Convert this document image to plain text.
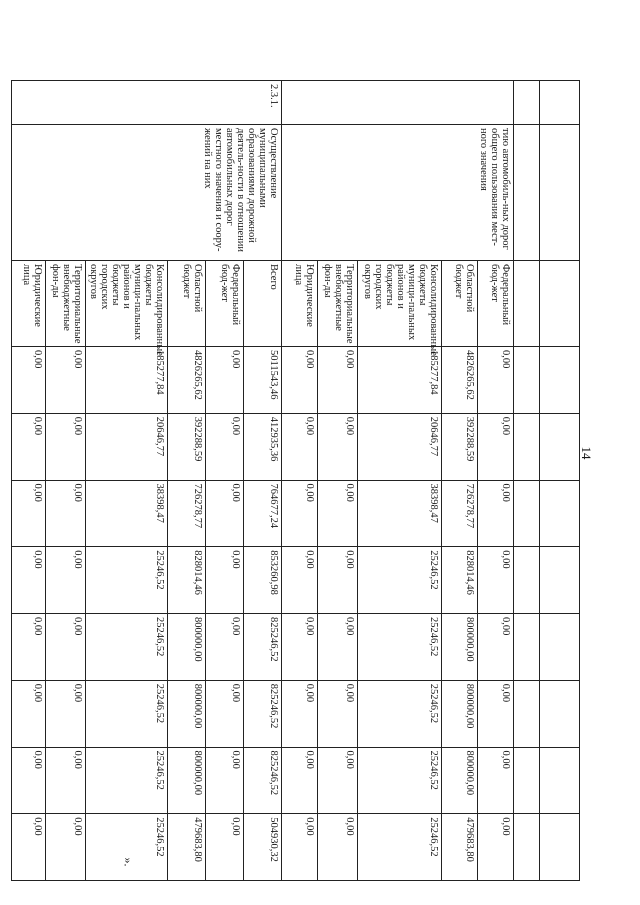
14

	тию автомобиль-ных дорог общего пользования мест-ного значения	Федеральный бюд-жет	0,00	0,00	0,00	0,00	0,00	0,00	0,00	0,00
		Областной бюджет	4826265,62	392288,59	726278,77	828014,46	800000,00	800000,00	800000,00	479683,80
		Консолидированные бюджеты муници-пальных районов и бюджеты городских округов	185277,84	20646,77	38398,47	25246,52	25246,52	25246,52	25246,52	25246,52
		Территориальные внебюджетные фон-ды	0,00	0,00	0,00	0,00	0,00	0,00	0,00	0,00
		Юридические лица	0,00	0,00	0,00	0,00	0,00	0,00	0,00	0,00
2.3.1.	Осуществление муниципальными образованиями дорожной деятель-ности в отношении автомобильных дорог местного значения и соору-жений на них	Всего	5011543,46	412935,36	764677,24	853260,98	825246,52	825246,52	825246,52	504930,32
		Федеральный бюд-жет	0,00	0,00	0,00	0,00	0,00	0,00	0,00	0,00
		Областной бюджет	4826265,62	392288,59	726278,77	828014,46	800000,00	800000,00	800000,00	479683,80
		Консолидированные бюджеты муници-пальных районов и бюджеты городских округов	185277,84	20646,77	38398,47	25246,52	25246,52	25246,52	25246,52	25246,52
		Территориальные внебюджетные фон-ды	0,00	0,00	0,00	0,00	0,00	0,00	0,00	0,00
		Юридические лица	0,00	0,00	0,00	0,00	0,00	0,00	0,00	0,00
».
